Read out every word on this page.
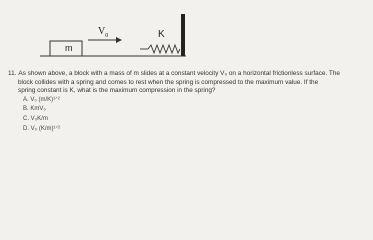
m
$V_0$	K

11. As shown above, a block with a mass of m slides at a constant velocity V₀ on a horizontal frictionless surface. The
block collides with a spring and comes to rest when the spring is compressed to the maximum value. If the
spring constant is K, what is the maximum compression in the spring?

A. V₀ (m/K)¹ᐟ²
B. KmV₀
C. V₀K/m
D. V₀ (K/m)¹ᐟ²
